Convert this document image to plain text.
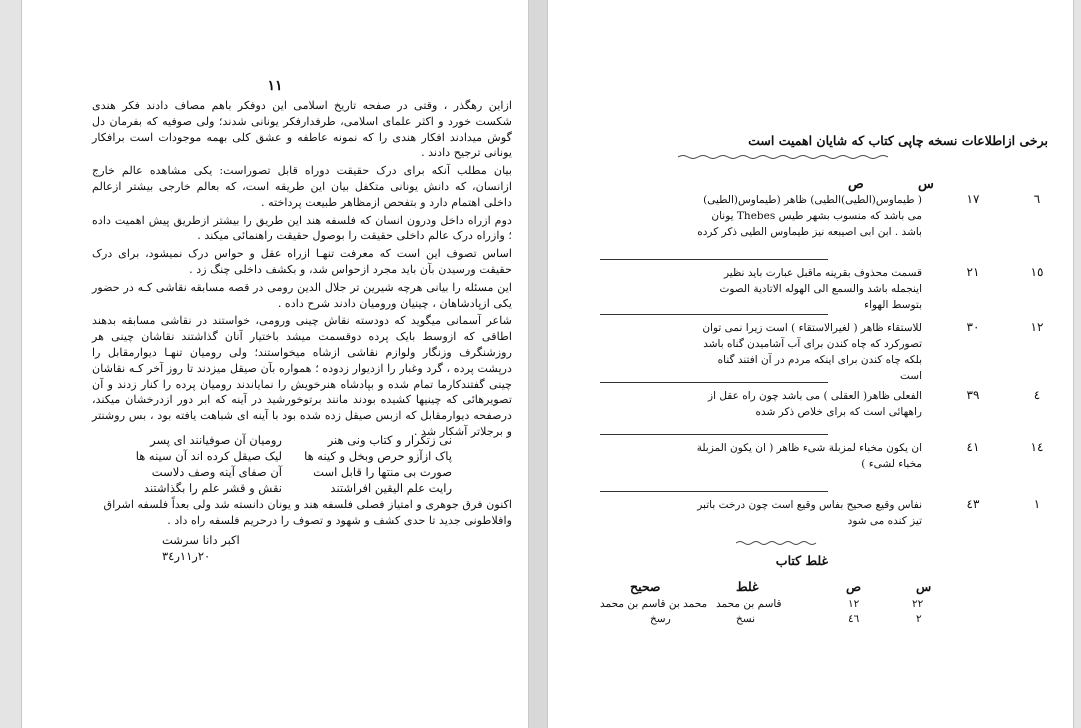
١١

ازاین رهگذر ، وقتی در صفحه تاریخ اسلامی این دوفکر باهم مصاف دادند فکر هندی شکست خورد و اکثر علمای اسلامی، طرفدارفکر یونانی شدند؛ ولی صوفیه که بفرمان دل گوش میدادند افکار هندی را که نمونه عاطفه و عشق کلی بهمه موجودات است برافکار یونانی ترجیح دادند .

بیان مطلب آنکه برای درک حقیقت دوراه قابل تصوراست: یکی مشاهده عالم خارج ازانسان، که دانش یونانی متکفل بیان این طریقه است، که بعالم خارجی بیشتر ازعالم داخلی اهتمام دارد و بتفحص ازمظاهر طبیعت پرداخته .

دوم ازراه داخل ودرون انسان که فلسفه هند این طریق را بیشتر ازطریق پیش اهمیت داده ؛ وازراه درک عالم داخلی حقیقت را بوصول حقیقت راهنمائی میکند .

اساس تصوف این است که معرفت تنهـا ازراه عقل و حواس درک نمیشود، برای درک حقیقت ورسیدن بآن باید مجرد ازحواس شد، و بکشف داخلی چنگ زد .

این مسئله را بیانی هرچه شیرین تر جلال الدین رومی در قصه مسابقه نقاشی کـه در حضور یکی ازپادشاهان ، چینیان ورومیان دادند شرح داده .

شاعر آسمانی میگوید که دودسته نقاش چینی ورومی، خواستند در نقاشی مسابقه بدهند اطاقی که ازوسط بایک پرده دوقسمت میشد باختیار آنان گذاشتند نقاشان چینی هر روزشنگرف وزنگار ولوازم نقاشی ازشاه میخواستند؛ ولی رومیان تنهـا دیوارمقابل را درپشت پرده ، گرد وغبار را ازدیوار زدوده ؛ همواره بآن صیقل میزدند تا روز آخر کـه نقاشان چینی گفتندکارما تمام شده و بپادشاه هنرخویش را نمایاندند رومیان پرده را کنار زدند و آن تصویرهائی که چینیها کشیده بودند مانند برتوخورشید در آینه که ابر دور ازدرخشان میکند، درصفحه دیوارمقابل که ازبس صیقل زده شده بود با آینه ای شباهت یافته بود ، بس روشنتر و برجلاتر آشکار شد .

نی زتکرار و کتاب ونی هنر
رومیان آن صوفیانند ای پسر
پاک ازآزو حرص وبخل و کینه ها
لیک صیقل کرده اند آن سینه ها
صورت بی منتها را قابل است
آن صفای آینه وصف دلاست
رایت علم الیقین افراشتند
نقش و قشر علم را بگذاشتند
اکنون فرق جوهری و امتیاز فصلی فلسفه هند و یونان دانسته شد ولی بعداً فلسفه اشراق وافلاطونی جدید تا حدی کشف و شهود و تصوف را درحریم فلسفه راه داد .
اکبر دانا سرشت
٢٠ر١١ر٣٤
برخی ازاطلاعات نسخه چاپی کتاب که شایان اهمیت است
س
ص
٦
١٧
( طیماوس(الطیی)الطیی) ظاهر (طیماوس(الطیی) می باشد که منسوب بشهر طیس Thebes یونان باشد . ابن ابی اصیبعه نیز طیماوس الطیی ذکر کرده
١٥
٢١
قسمت محذوف بقرینه ماقبل عبارت باید نظیر اینجمله باشد والسمع الی الهوله الاتادیة الصوت بتوسط الهواء
١٢
٣٠
للاستقاء ظاهر ( لغیرالاستقاء ) است زیرا نمی توان تصورکرد که چاه کندن برای آب آشامیدن گناه باشد بلکه چاه کندن برای اینکه مردم در آن افتند گناه است
٤
٣٩
الفعلی ظاهر( العقلی ) می باشد چون راه عقل از راههائی است که برای خلاص ذکر شده
١٤
٤١
ان یکون مخباء لمزبلة شیء ظاهر ( ان یکون المزبلة مخباء لشیء )
١
٤٣
نفاس وقیع صحیح بفاس وقیع است چون درخت باتبر تیز کنده می شود
غلط کتاب
س
ص
غلط
صحیح
٢٢
١٢
قاسم بن محمد
محمد بن قاسم بن محمد
٢
٤٦
نسخ
رسخ
